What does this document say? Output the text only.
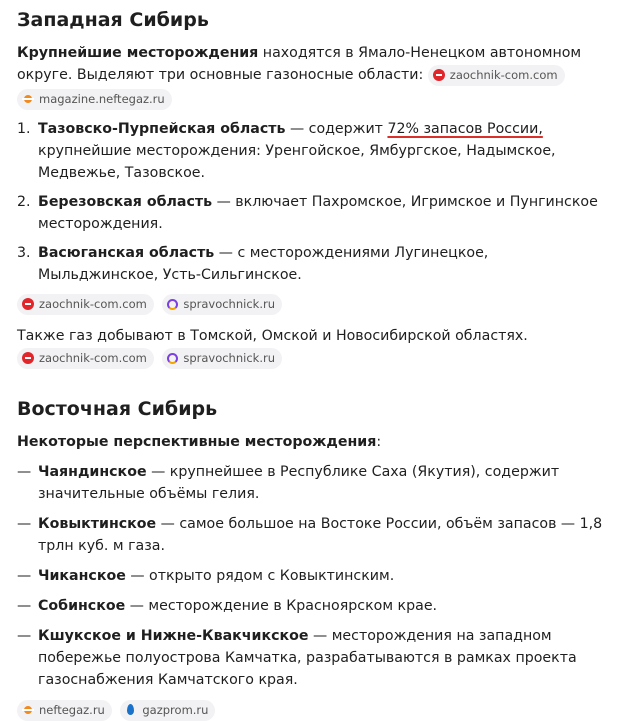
Западная Сибирь

Крупнейшие месторождения находятся в Ямало-Ненецком автономном округе. Выделяют три основные газоносные области: zaochnik-com.com

magazine.neftegaz.ru
1. Тазовско-Пурпейская область — содержит 72% запасов России, крупнейшие месторождения: Уренгойское, Ямбургское, Надымское, Медвежье, Тазовское.
2. Березовская область — включает Пахромское, Игримское и Пунгинское месторождения.
3. Васюганская область — с месторождениями Лугинецкое, Мыльджинское, Усть-Сильгинское.
zaochnik-com.com
	spravochnick.ru

Также газ добывают в Томской, Омской и Новосибирской областях.

zaochnik-com.com
	spravochnick.ru
Восточная Сибирь

Некоторые перспективные месторождения:

— Чаяндинское — крупнейшее в Республике Саха (Якутия), содержит значительные объёмы гелия.
— Ковыктинское — самое большое на Востоке России, объём запасов — 1,8 трлн куб. м газа.
— Чиканское — открыто рядом с Ковыктинским.
— Собинское — месторождение в Красноярском крае.
— Кшукское и Нижне-Квакчикское — месторождения на западном побережье полуострова Камчатка, разрабатываются в рамках проекта газоснабжения Камчатского края.
neftegaz.ru
	gazprom.ru
